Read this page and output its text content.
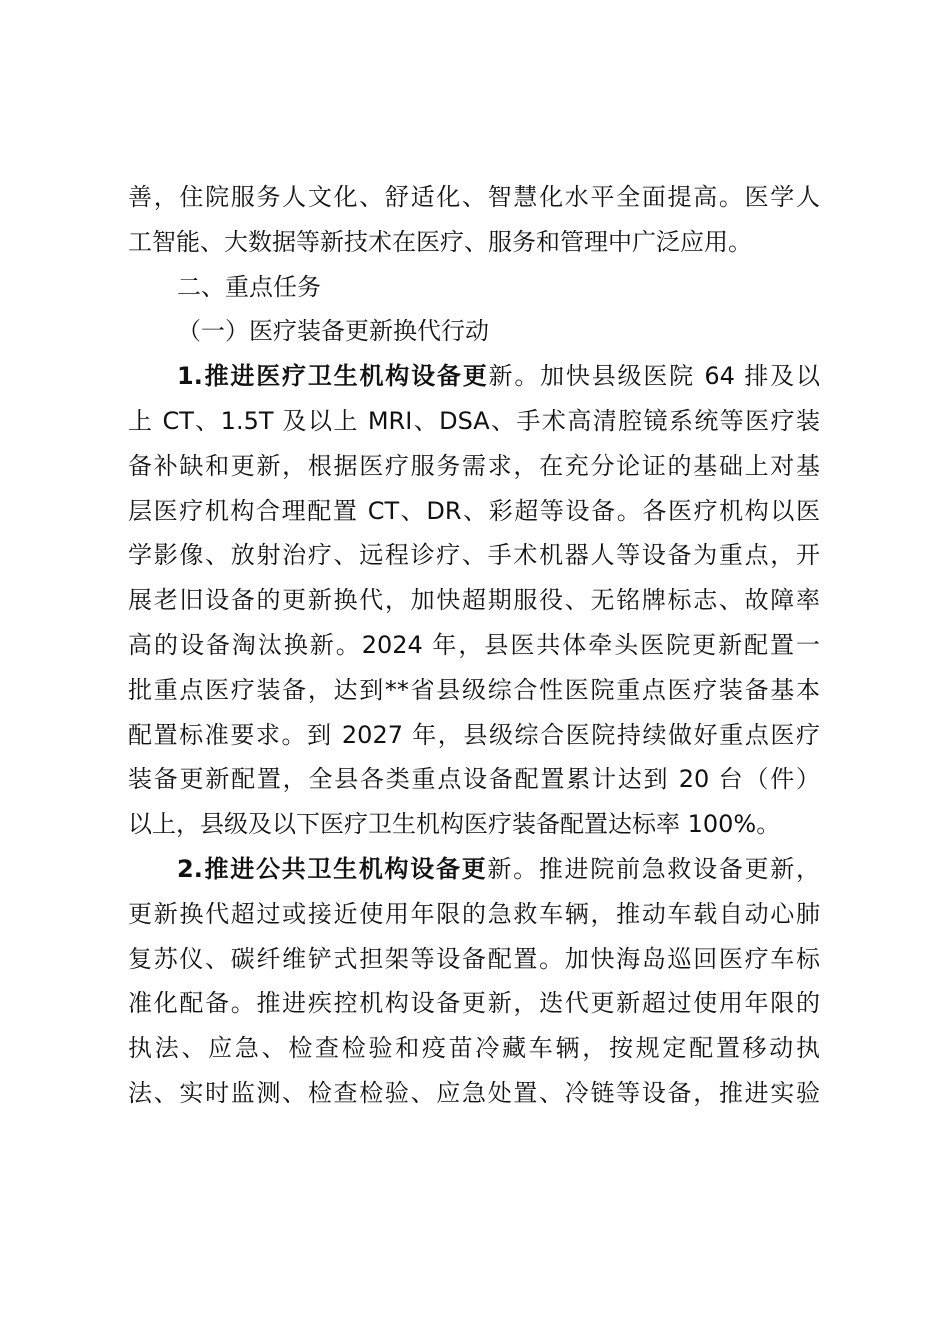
善，住院服务人文化、舒适化、智慧化水平全面提高。医学人
工智能、大数据等新技术在医疗、服务和管理中广泛应用。
二、重点任务
（一）医疗装备更新换代行动
1.推进医疗卫生机构设备更新。加快县级医院 64 排及以
上 CT、1.5T 及以上 MRI、DSA、手术高清腔镜系统等医疗装
备补缺和更新，根据医疗服务需求，在充分论证的基础上对基
层医疗机构合理配置 CT、DR、彩超等设备。各医疗机构以医
学影像、放射治疗、远程诊疗、手术机器人等设备为重点，开
展老旧设备的更新换代，加快超期服役、无铭牌标志、故障率
高的设备淘汰换新。2024 年，县医共体牵头医院更新配置一
批重点医疗装备，达到**省县级综合性医院重点医疗装备基本
配置标准要求。到 2027 年，县级综合医院持续做好重点医疗
装备更新配置，全县各类重点设备配置累计达到 20 台（件）
以上，县级及以下医疗卫生机构医疗装备配置达标率 100%。
2.推进公共卫生机构设备更新。推进院前急救设备更新，
更新换代超过或接近使用年限的急救车辆，推动车载自动心肺
复苏仪、碳纤维铲式担架等设备配置。加快海岛巡回医疗车标
准化配备。推进疾控机构设备更新，迭代更新超过使用年限的
执法、应急、检查检验和疫苗冷藏车辆，按规定配置移动执
法、实时监测、检查检验、应急处置、冷链等设备，推进实验
